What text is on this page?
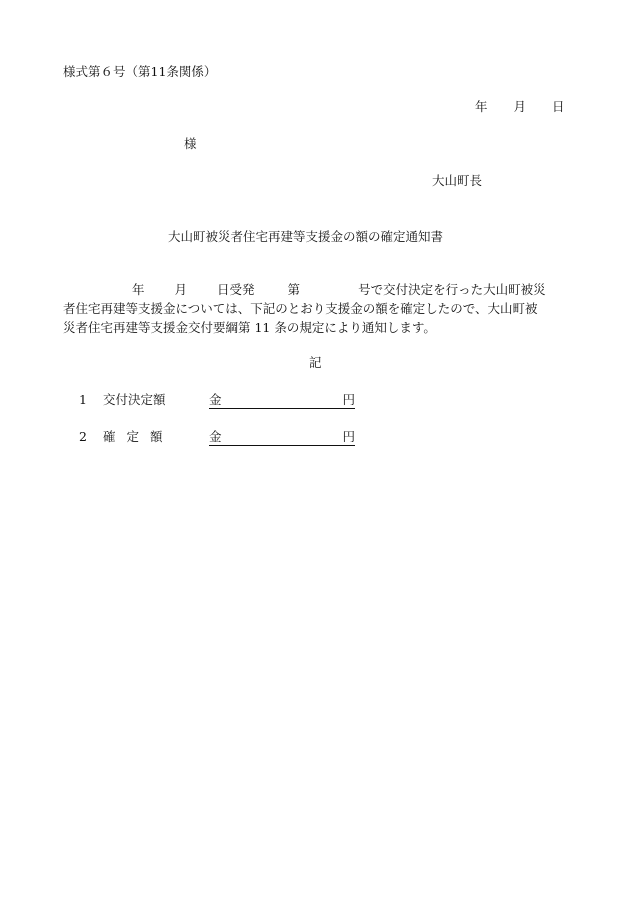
様式第６号（第11条関係）
年 月 日
様
大山町長
大山町被災者住宅再建等支援金の額の確定通知書
年 月 日受発	第	号で交付決定を行った大山町被災
者住宅再建等支援金については、下記のとおり支援金の額を確定したので、大山町被
災者住宅再建等支援金交付要綱第 11 条の規定により通知します。
記
1 交付決定額	金	円
2 確定額	金	円
